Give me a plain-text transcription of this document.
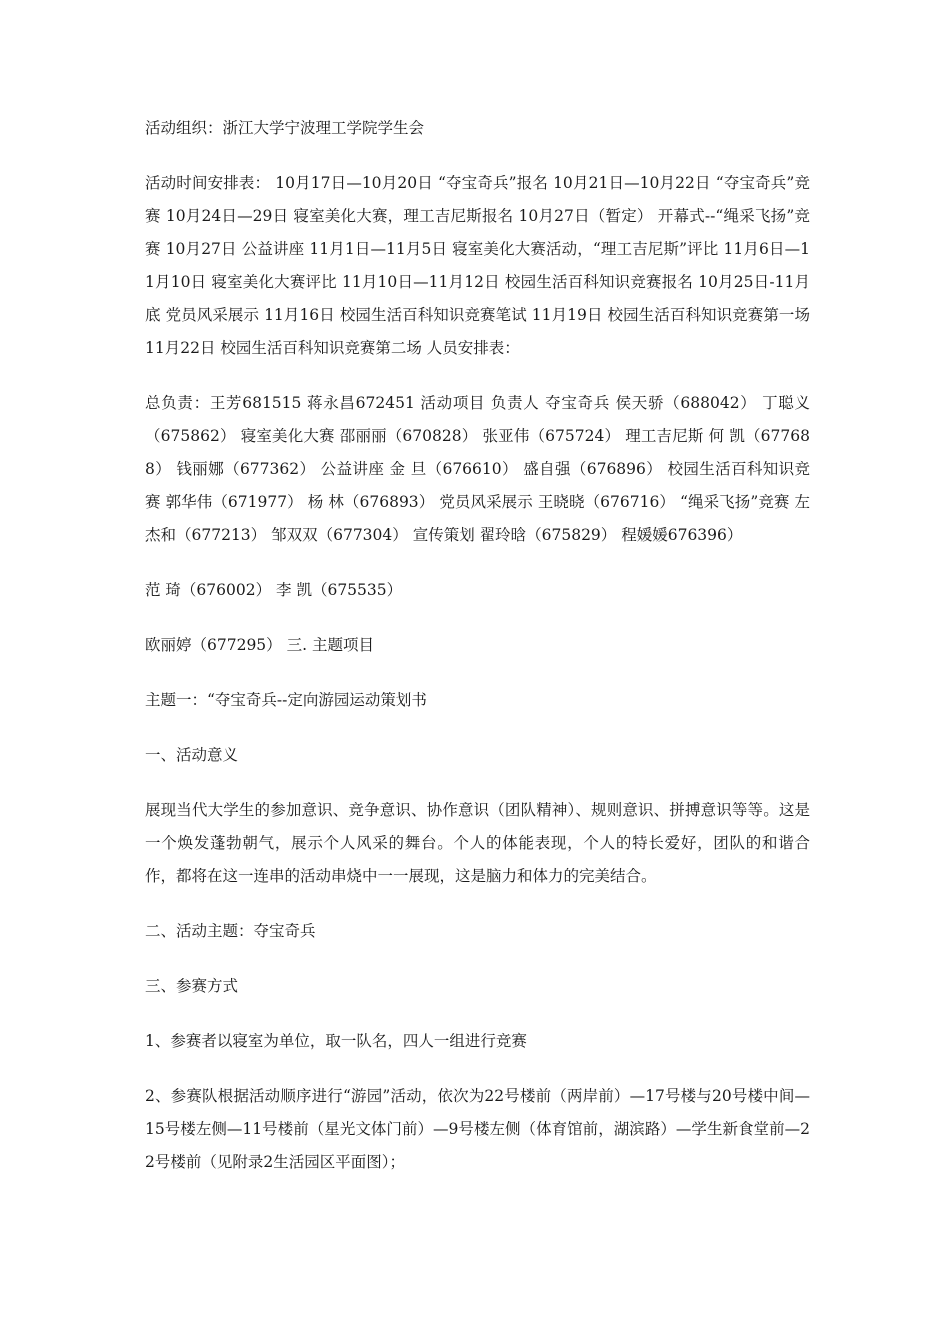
活动组织：浙江大学宁波理工学院学生会

活动时间安排表： 10月17日—10月20日 “夺宝奇兵”报名 10月21日—10月22日 “夺宝奇兵”竞赛 10月24日—29日 寝室美化大赛，理工吉尼斯报名 10月27日（暂定） 开幕式--“绳采飞扬”竞赛 10月27日 公益讲座 11月1日—11月5日 寝室美化大赛活动，“理工吉尼斯”评比 11月6日—11月10日 寝室美化大赛评比 11月10日—11月12日 校园生活百科知识竞赛报名 10月25日-11月底 党员风采展示 11月16日 校园生活百科知识竞赛笔试 11月19日 校园生活百科知识竞赛第一场 11月22日 校园生活百科知识竞赛第二场 人员安排表：

总负责：王芳681515 蒋永昌672451 活动项目 负责人 夺宝奇兵 侯天骄（688042） 丁聪义（675862） 寝室美化大赛 邵丽丽（670828） 张亚伟（675724） 理工吉尼斯 何 凯（677688） 钱丽娜（677362） 公益讲座 金 旦（676610） 盛自强（676896） 校园生活百科知识竞赛 郭华伟（671977） 杨 林（676893） 党员风采展示 王晓晓（676716） “绳采飞扬”竞赛 左杰和（677213） 邹双双（677304） 宣传策划 翟玲晗（675829） 程媛媛676396）

范 琦（676002） 李 凯（675535）

欧丽婷（677295） 三. 主题项目

主题一：“夺宝奇兵--定向游园运动策划书

一、活动意义

展现当代大学生的参加意识、竞争意识、协作意识（团队精神）、规则意识、拼搏意识等等。这是一个焕发蓬勃朝气，展示个人风采的舞台。个人的体能表现，个人的特长爱好，团队的和谐合作，都将在这一连串的活动串烧中一一展现，这是脑力和体力的完美结合。

二、活动主题：夺宝奇兵

三、参赛方式

1、参赛者以寝室为单位，取一队名，四人一组进行竞赛

2、参赛队根据活动顺序进行“游园”活动，依次为22号楼前（两岸前）—17号楼与20号楼中间—15号楼左侧—11号楼前（星光文体门前）—9号楼左侧（体育馆前，湖滨路）—学生新食堂前—22号楼前（见附录2生活园区平面图）；
